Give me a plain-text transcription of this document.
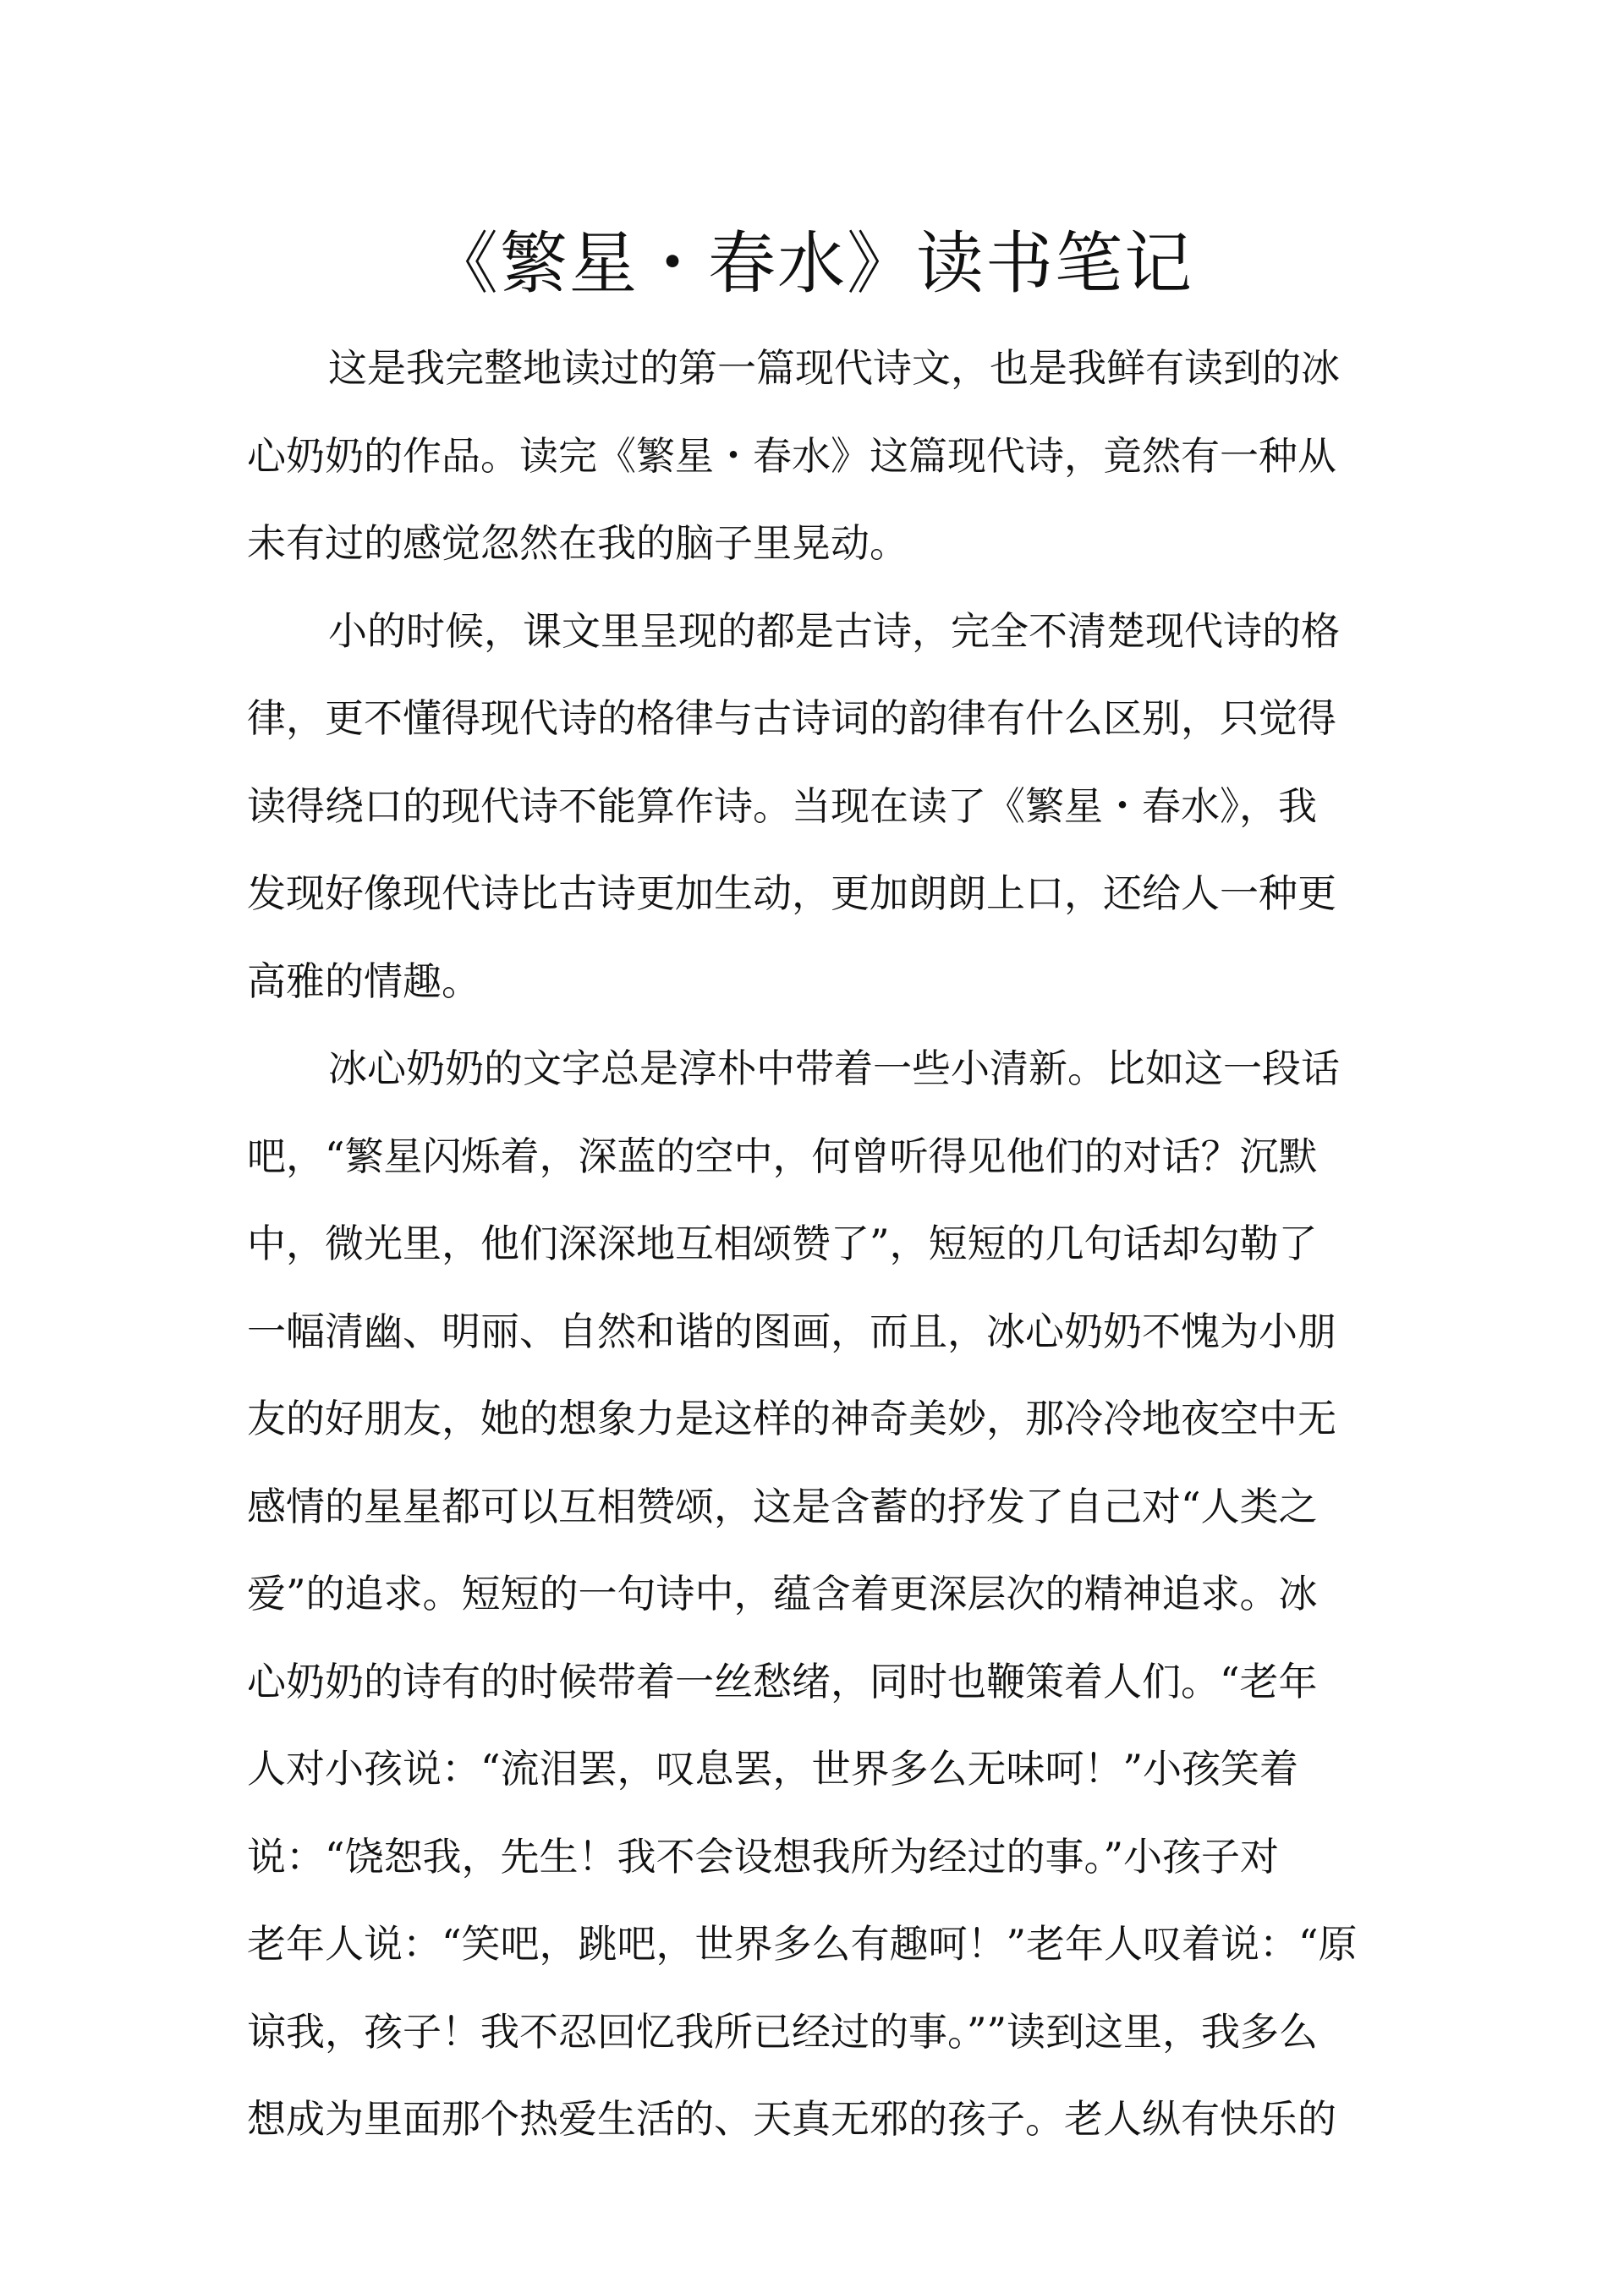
《繁星・春水》读书笔记
这是我完整地读过的第一篇现代诗文，也是我鲜有读到的冰
心奶奶的作品。读完《繁星・春水》这篇现代诗，竟然有一种从
未有过的感觉忽然在我的脑子里晃动。
小的时候，课文里呈现的都是古诗，完全不清楚现代诗的格
律，更不懂得现代诗的格律与古诗词的韵律有什么区别，只觉得
读得绕口的现代诗不能算作诗。当现在读了《繁星・春水》，我
发现好像现代诗比古诗更加生动，更加朗朗上口，还给人一种更
高雅的情趣。
冰心奶奶的文字总是淳朴中带着一些小清新。比如这一段话
吧，“繁星闪烁着，深蓝的空中，何曾听得见他们的对话？沉默
中，微光里，他们深深地互相颂赞了”，短短的几句话却勾勒了
一幅清幽、明丽、自然和谐的图画，而且，冰心奶奶不愧为小朋
友的好朋友，她的想象力是这样的神奇美妙，那冷冷地夜空中无
感情的星星都可以互相赞颂，这是含蓄的抒发了自己对“人类之
爱”的追求。短短的一句诗中，蕴含着更深层次的精神追求。冰
心奶奶的诗有的时候带着一丝愁绪，同时也鞭策着人们。“老年
人对小孩说：“流泪罢，叹息罢，世界多么无味呵！”小孩笑着
说：“饶恕我，先生！我不会设想我所为经过的事。”小孩子对
老年人说：“笑吧，跳吧，世界多么有趣呵！”老年人叹着说：“原
谅我，孩子！我不忍回忆我所已经过的事。””读到这里，我多么
想成为里面那个热爱生活的、天真无邪的孩子。老人纵有快乐的
